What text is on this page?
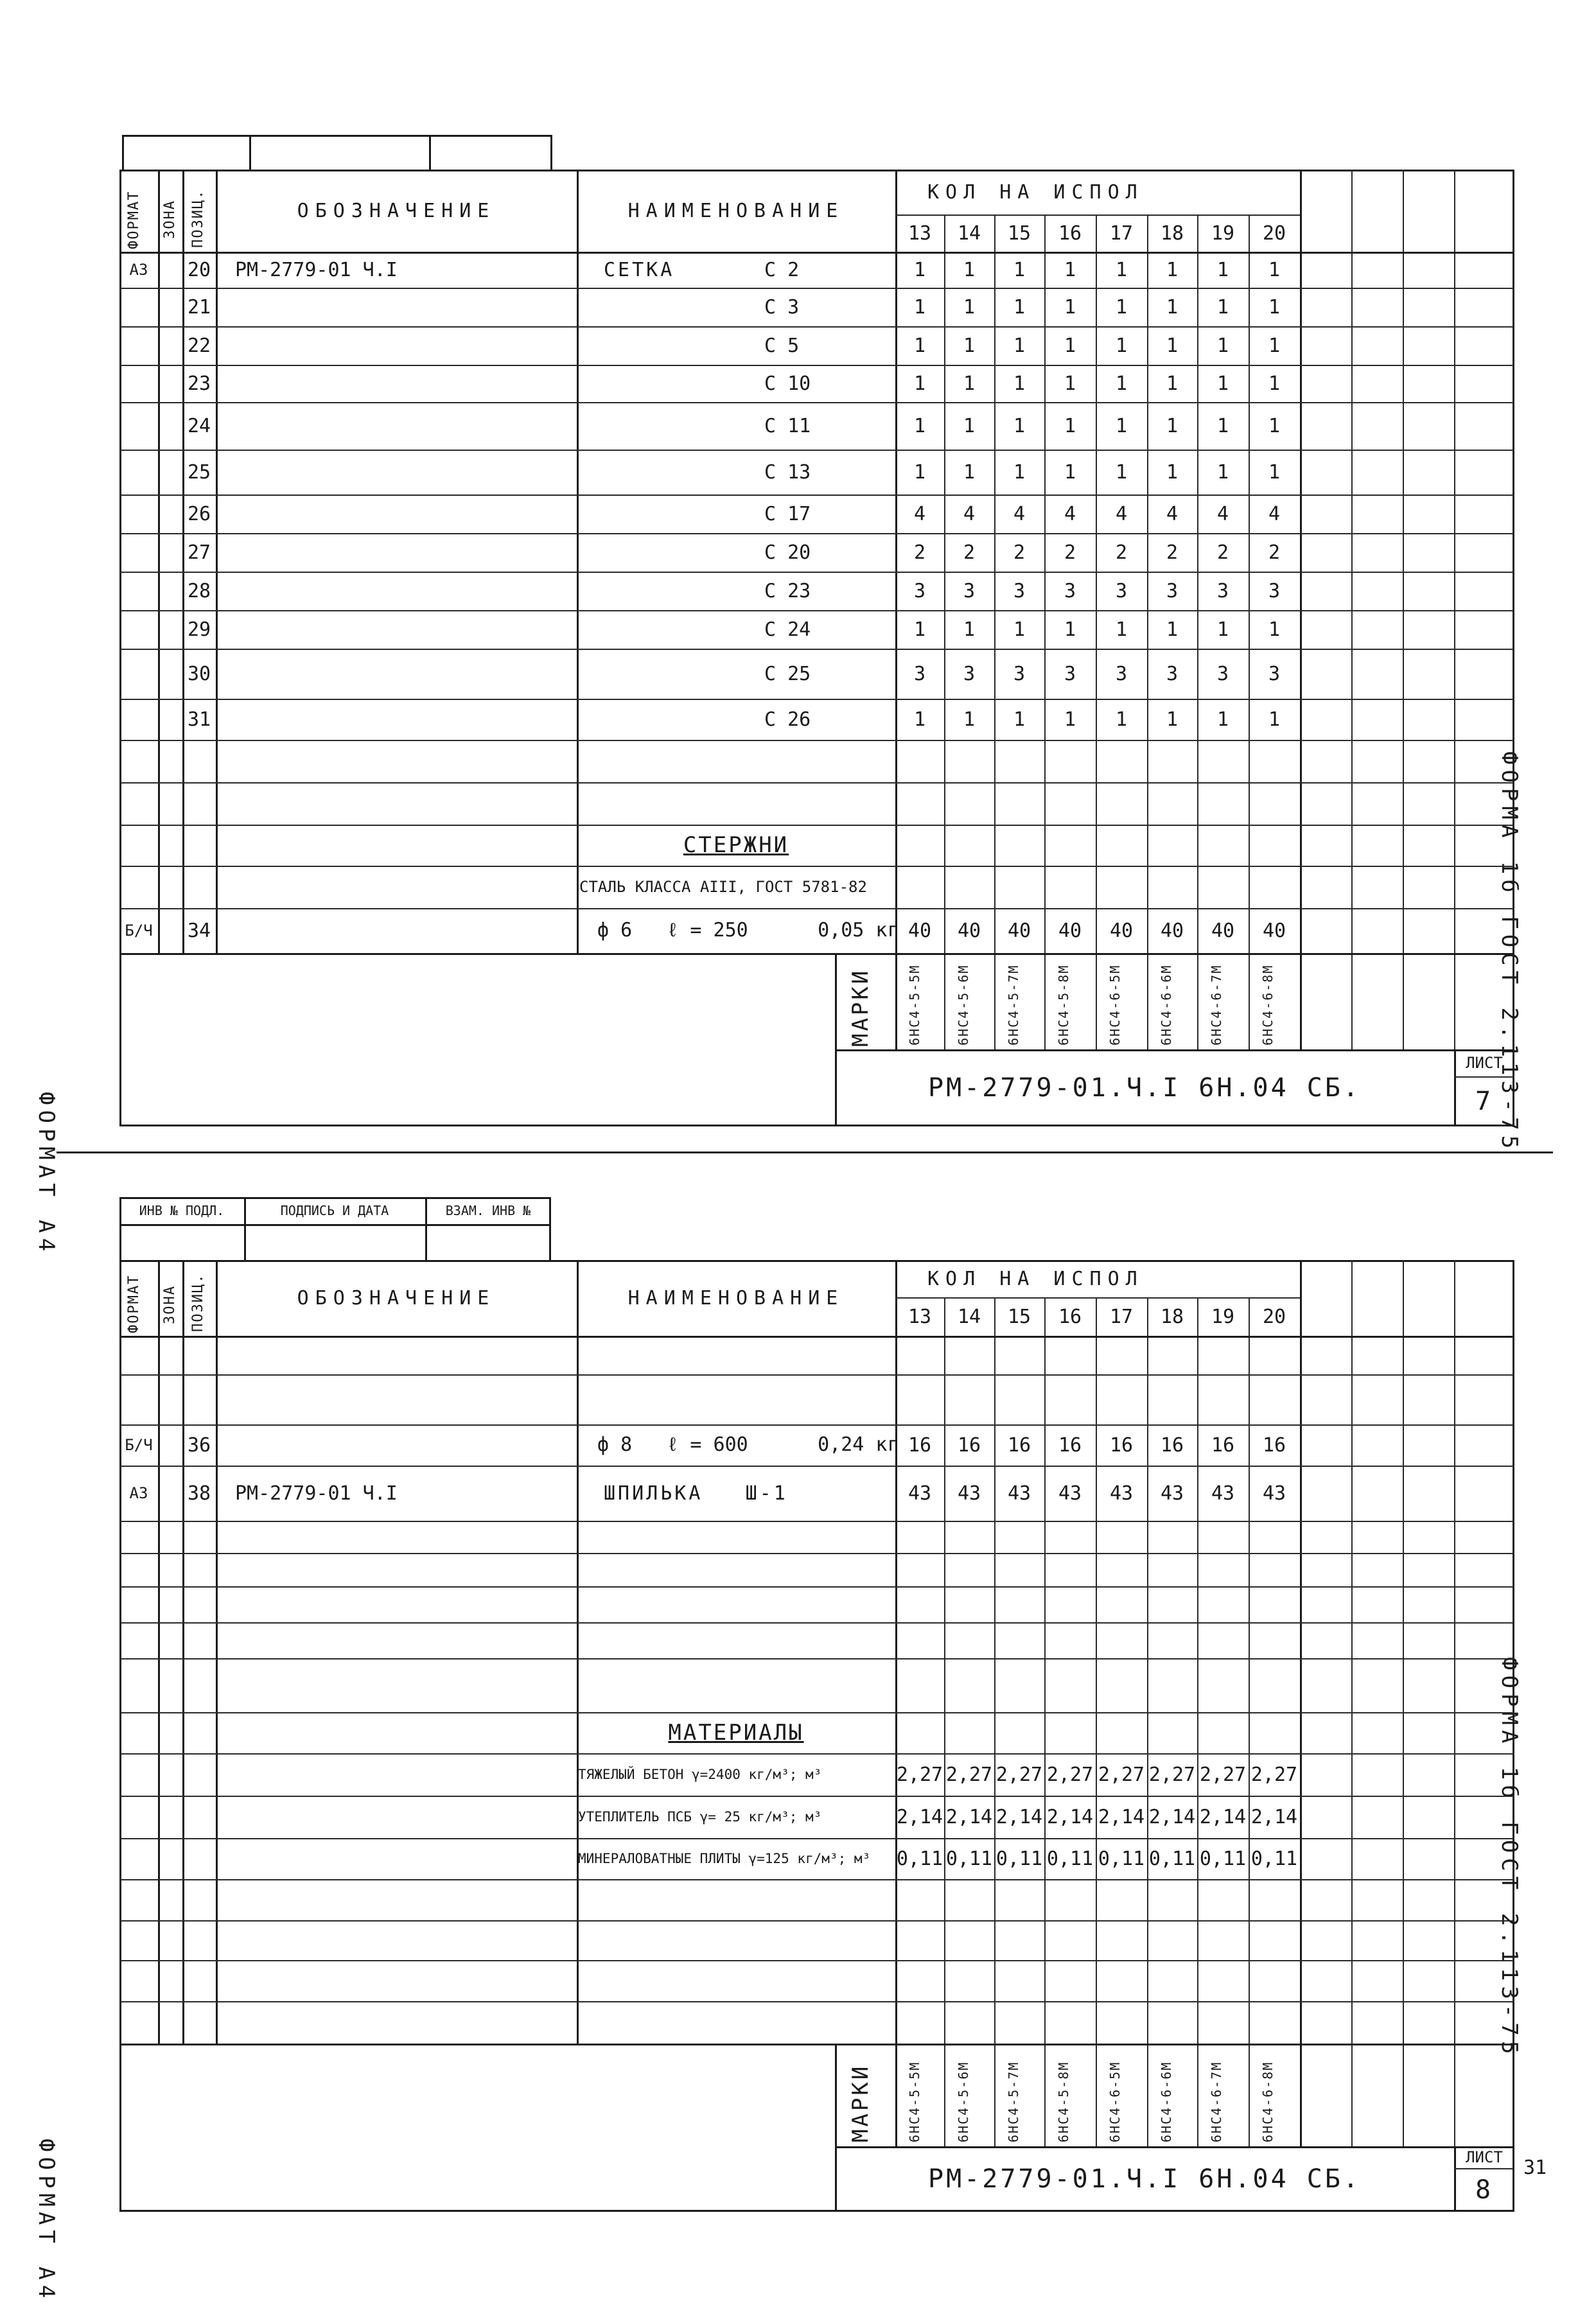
ФОРМАТ А4
ФОРМАТ А4
ФОРМА 1б ГОСТ 2.113-75
ФОРМА 1б ГОСТ 2.113-75
ФОРМАТ ЗОНА ПОЗИЦ.	ОБОЗНАЧЕНИЕ	НАИМЕНОВАНИЕ
КОЛ НА ИСПОЛ
13	14	15	16	17	18	19	20
А3	20 РМ-2779-01 Ч.I	СЕТКА	С 2	1	1	1	1	1	1	1	1
21	С 3	1	1	1	1	1	1	1	1
22	С 5	1	1	1	1	1	1	1	1
23	С 10	1	1	1	1	1	1	1	1
24	С 11	1	1	1	1	1	1	1	1
25	С 13	1	1	1	1	1	1	1	1
26	С 17	4	4	4	4	4	4	4	4
27	С 20	2	2	2	2	2	2	2	2
28	С 23	3	3	3	3	3	3	3	3
29	С 24	1	1	1	1	1	1	1	1
30	С 25	3	3	3	3	3	3	3	3
31	С 26	1	1	1	1	1	1	1	1
СТЕРЖНИ
СТАЛЬ КЛАССА АIII, ГОСТ 5781-82
Б/Ч 34	ф 6   ℓ = 250      0,05 кг 40	40	40	40	40	40	40	40
МАРКИ	6НС4-5-5М	6НС4-5-6М	6НС4-5-7М	6НС4-5-8М	6НС4-6-5М	6НС4-6-6М	6НС4-6-7М	6НС4-6-8М
РМ-2779-01.Ч.I 6Н.04 СБ.
ЛИСТ
7
ИНВ № ПОДЛ.	ПОДПИСЬ И ДАТА	ВЗАМ. ИНВ №
ФОРМАТ ЗОНА ПОЗИЦ.	ОБОЗНАЧЕНИЕ	НАИМЕНОВАНИЕ
КОЛ НА ИСПОЛ
13	14	15	16	17	18	19	20
Б/Ч 36	ф 8   ℓ = 600      0,24 кг 16	16	16	16	16	16	16	16
А3	38 РМ-2779-01 Ч.I	ШПИЛЬКА   Ш-1	43	43	43	43	43	43	43	43
МАТЕРИАЛЫ
ТЯЖЕЛЫЙ БЕТОН γ=2400 кг/м³; м³	2,27 2,27 2,27 2,27 2,27 2,27 2,27 2,27
УТЕПЛИТЕЛЬ ПСБ γ= 25 кг/м³; м³	2,14 2,14 2,14 2,14 2,14 2,14 2,14 2,14
МИНЕРАЛОВАТНЫЕ ПЛИТЫ γ=125 кг/м³; м³	0,11 0,11 0,11 0,11 0,11 0,11 0,11 0,11
МАРКИ	6НС4-5-5М	6НС4-5-6М	6НС4-5-7М	6НС4-5-8М	6НС4-6-5М	6НС4-6-6М	6НС4-6-7М	6НС4-6-8М
РМ-2779-01.Ч.I 6Н.04 СБ.
ЛИСТ
8
31
